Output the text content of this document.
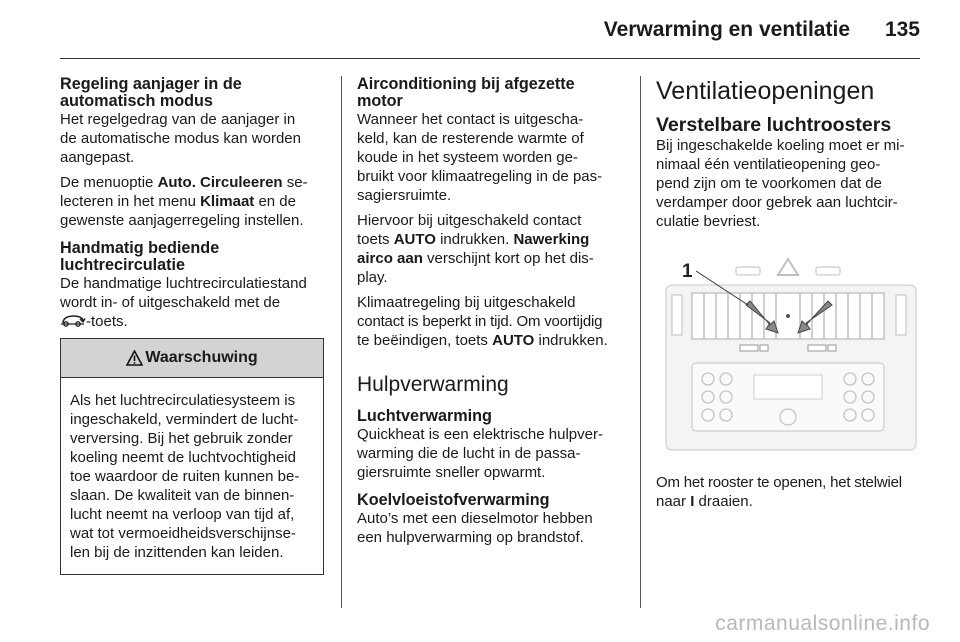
Verwarming en ventilatie 135
Regeling aanjager in de
automatisch modus

Het regelgedrag van de aanjager in
de automatische modus kan worden
aangepast.

De menuoptie Auto. Circuleeren se-
lecteren in het menu Klimaat en de
gewenste aanjagerregeling instellen.

Handmatig bediende
luchtrecirculatie

De handmatige luchtrecirculatiestand
wordt in- of uitgeschakeld met de
-toets.

Waarschuwing
Als het luchtrecirculatiesysteem is
ingeschakeld, vermindert de lucht-
verversing. Bij het gebruik zonder
koeling neemt de luchtvochtigheid
toe waardoor de ruiten kunnen be-
slaan. De kwaliteit van de binnen-
lucht neemt na verloop van tijd af,
wat tot vermoeidheidsverschijnse-
len bij de inzittenden kan leiden.
Airconditioning bij afgezette
motor

Wanneer het contact is uitgescha-
keld, kan de resterende warmte of
koude in het systeem worden ge-
bruikt voor klimaatregeling in de pas-
sagiersruimte.

Hiervoor bij uitgeschakeld contact
toets AUTO indrukken. Nawerking
airco aan verschijnt kort op het dis-
play.

Klimaatregeling bij uitgeschakeld
contact is beperkt in tijd. Om voortijdig
te beëindigen, toets AUTO indrukken.

Hulpverwarming
Luchtverwarming

Quickheat is een elektrische hulpver-
warming die de lucht in de passa-
giersruimte sneller opwarmt.

Koelvloeistofverwarming

Auto’s met een dieselmotor hebben
een hulpverwarming op brandstof.

Ventilatieopeningen
Verstelbare luchtroosters

Bij ingeschakelde koeling moet er mi-
nimaal één ventilatieopening geo-
pend zijn om te voorkomen dat de
verdamper door gebrek aan luchtcir-
culatie bevriest.

1

Om het rooster te openen, het stelwiel
naar I draaien.

carmanualsonline.info
